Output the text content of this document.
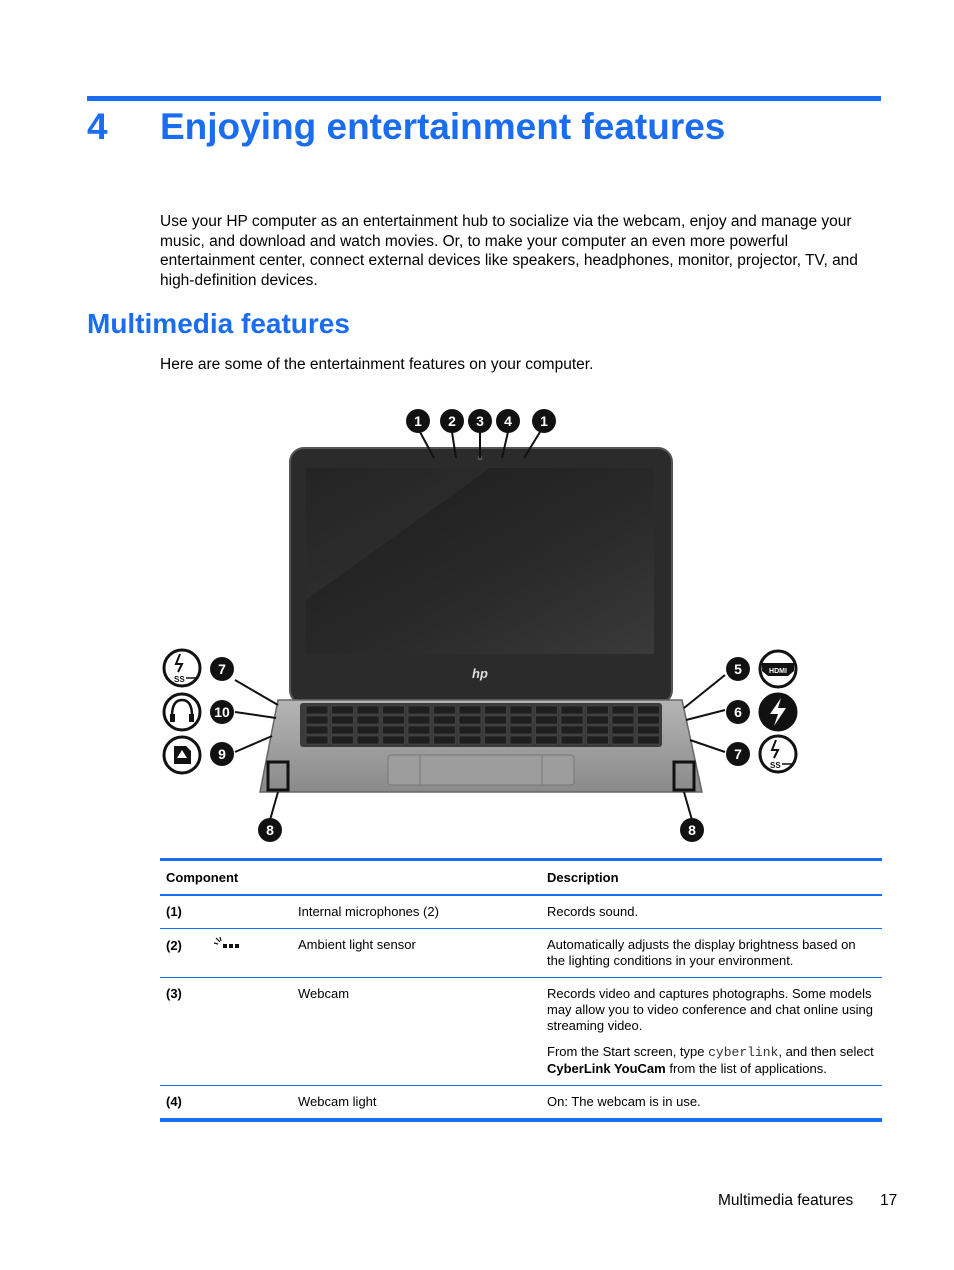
4 Enjoying entertainment features
Use your HP computer as an entertainment hub to socialize via the webcam, enjoy and manage your music, and download and watch movies. Or, to make your computer an even more powerful entertainment center, connect external devices like speakers, headphones, monitor, projector, TV, and high-definition devices.
Multimedia features
Here are some of the entertainment features on your computer.
hp
1 2 3 4 1
7
10
9
5
6
7
8	8
SS
HDMI
SS
Component		Description
(1)	Internal microphones (2)	Records sound.

(2)	Ambient light sensor	Automatically adjusts the display brightness based on the lighting conditions in your environment.

(3)	Webcam	Records video and captures photographs. Some models may allow you to video conference and chat online using streaming video.

From the Start screen, type cyberlink, and then select CyberLink YouCam from the list of applications.

(4)	Webcam light	On: The webcam is in use.

Multimedia features 17
